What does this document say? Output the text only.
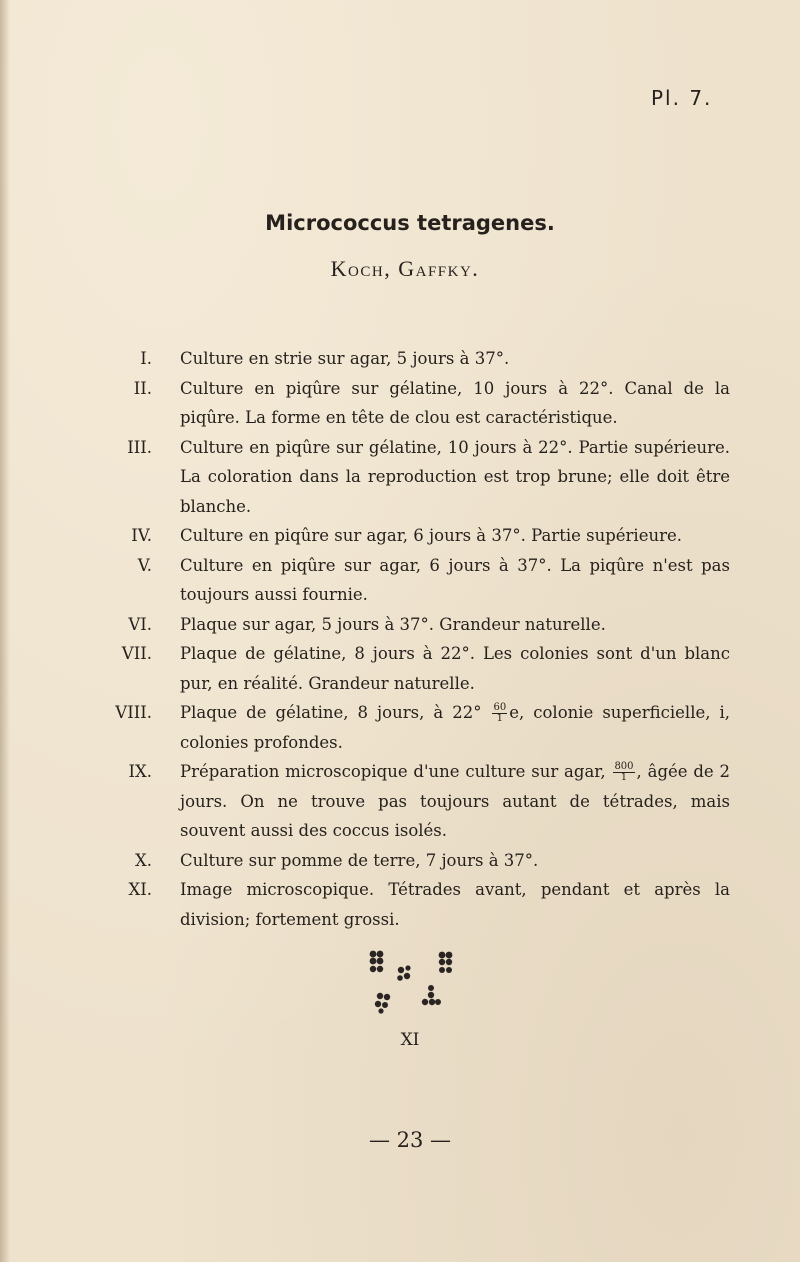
Pl. 7.
Micrococcus tetragenes.
Koch, Gaffky.
I. Culture en strie sur agar, 5 jours à 37°.
II. Culture en piqûre sur gélatine, 10 jours à 22°. Canal de la piqûre. La forme en tête de clou est caractéristique.
III. Culture en piqûre sur gélatine, 10 jours à 22°. Partie supérieure. La coloration dans la reproduction est trop brune; elle doit être blanche.
IV. Culture en piqûre sur agar, 6 jours à 37°. Partie supérieure.
V. Culture en piqûre sur agar, 6 jours à 37°. La piqûre n'est pas toujours aussi fournie.
VI. Plaque sur agar, 5 jours à 37°. Grandeur naturelle.
VII. Plaque de gélatine, 8 jours à 22°. Les colonies sont d'un blanc pur, en réalité. Grandeur naturelle.
VIII. Plaque de gélatine, 8 jours, à $22^\circ \frac{60}{1} e$, colonie superficielle, i, colonies profondes.
IX. Préparation microscopique d'une culture sur agar, $\frac{800}{1}$ , âgée de 2 jours. On ne trouve pas toujours autant de tétrades, mais souvent aussi des coccus isolés.
X. Culture sur pomme de terre, 7 jours à 37°.
XI. Image microscopique. Tétrades avant, pendant et après la division; fortement grossi.
XI
— 23 —
